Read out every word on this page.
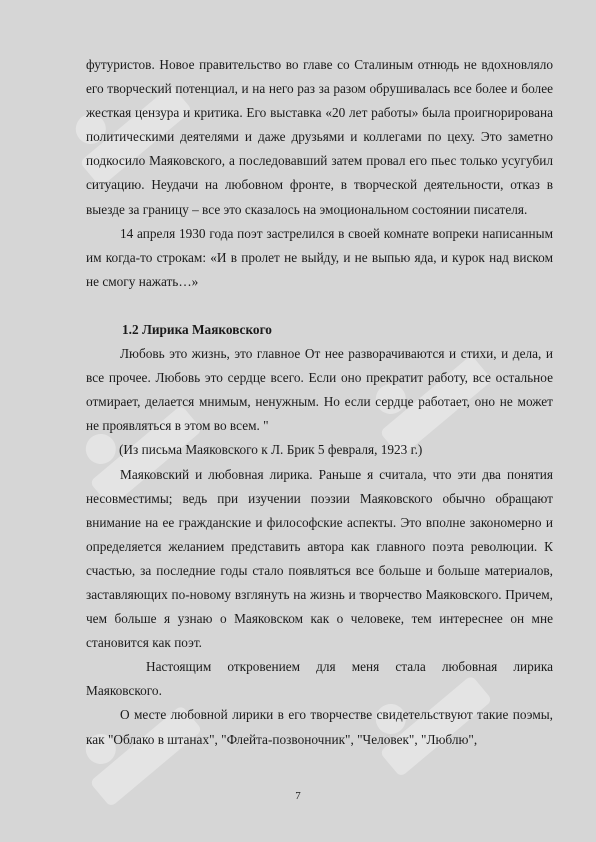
футуристов. Новое правительство во главе со Сталиным отнюдь не вдохновляло его творческий потенциал, и на него раз за разом обрушивалась все более и более жесткая цензура и критика. Его выставка «20 лет работы» была проигнорирована политическими деятелями и даже друзьями и коллегами по цеху. Это заметно подкосило Маяковского, а последовавший затем провал его пьес только усугубил ситуацию. Неудачи на любовном фронте, в творческой деятельности, отказ в выезде за границу – все это сказалось на эмоциональном состоянии писателя.

14 апреля 1930 года поэт застрелился в своей комнате вопреки написанным им когда-то строкам: «И в пролет не выйду, и не выпью яда, и курок над виском не смогу нажать…»

1.2 Лирика Маяковского

Любовь это жизнь, это главное От нее разворачиваются и стихи, и дела, и все прочее. Любовь это сердце всего. Если оно прекратит работу, все остальное отмирает, делается мнимым, ненужным. Но если сердце работает, оно не может не проявляться в этом во всем. "

(Из письма Маяковского к Л. Брик 5 февраля, 1923 г.)

Маяковский и любовная лирика. Раньше я считала, что эти два понятия несовместимы; ведь при изучении поэзии Маяковского обычно обращают внимание на ее гражданские и философские аспекты. Это вполне закономерно и определяется желанием представить автора как главного поэта революции. К счастью, за последние годы стало появляться все больше и больше материалов, заставляющих по-новому взглянуть на жизнь и творчество Маяковского. Причем, чем больше я узнаю о Маяковском как о человеке, тем интереснее он мне становится как поэт.

Настоящим откровением для меня стала любовная лирика Маяковского.

О месте любовной лирики в его творчестве свидетельствуют такие поэмы, как "Облако в штанах", "Флейта-позвоночник", "Человек", "Люблю",

7
